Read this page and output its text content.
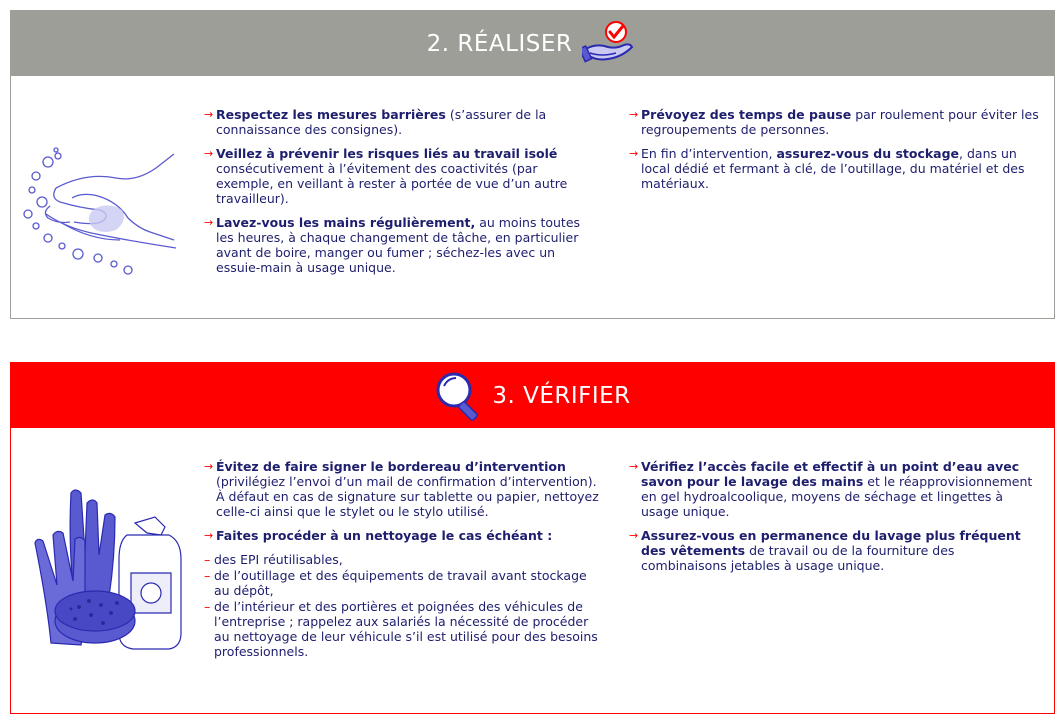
2. RÉALISER
→ Respectez les mesures barrières (s’assurer de la connaissance des consignes).
→ Veillez à prévenir les risques liés au travail isolé consécutivement à l’évitement des coactivités (par exemple, en veillant à rester à portée de vue d’un autre travailleur).
→ Lavez-vous les mains régulièrement, au moins toutes les heures, à chaque changement de tâche, en particulier avant de boire, manger ou fumer ; séchez-les avec un essuie-main à usage unique.
→ Prévoyez des temps de pause par roulement pour éviter les regroupements de personnes.
→ En fin d’intervention, assurez-vous du stockage, dans un local dédié et fermant à clé, de l’outillage, du matériel et des matériaux.
3. VÉRIFIER
→ Évitez de faire signer le bordereau d’intervention (privilégiez l’envoi d’un mail de confirmation d’intervention). À défaut en cas de signature sur tablette ou papier, nettoyez celle-ci ainsi que le stylet ou le stylo utilisé.
→ Faites procéder à un nettoyage le cas échéant :
– des EPI réutilisables,
– de l’outillage et des équipements de travail avant stockage au dépôt,
– de l’intérieur et des portières et poignées des véhicules de l’entreprise ; rappelez aux salariés la nécessité de procéder au nettoyage de leur véhicule s’il est utilisé pour des besoins professionnels.
→ Vérifiez l’accès facile et effectif à un point d’eau avec savon pour le lavage des mains et le réapprovisionnement en gel hydroalcoolique, moyens de séchage et lingettes à usage unique.
→ Assurez-vous en permanence du lavage plus fréquent des vêtements de travail ou de la fourniture des combinaisons jetables à usage unique.
